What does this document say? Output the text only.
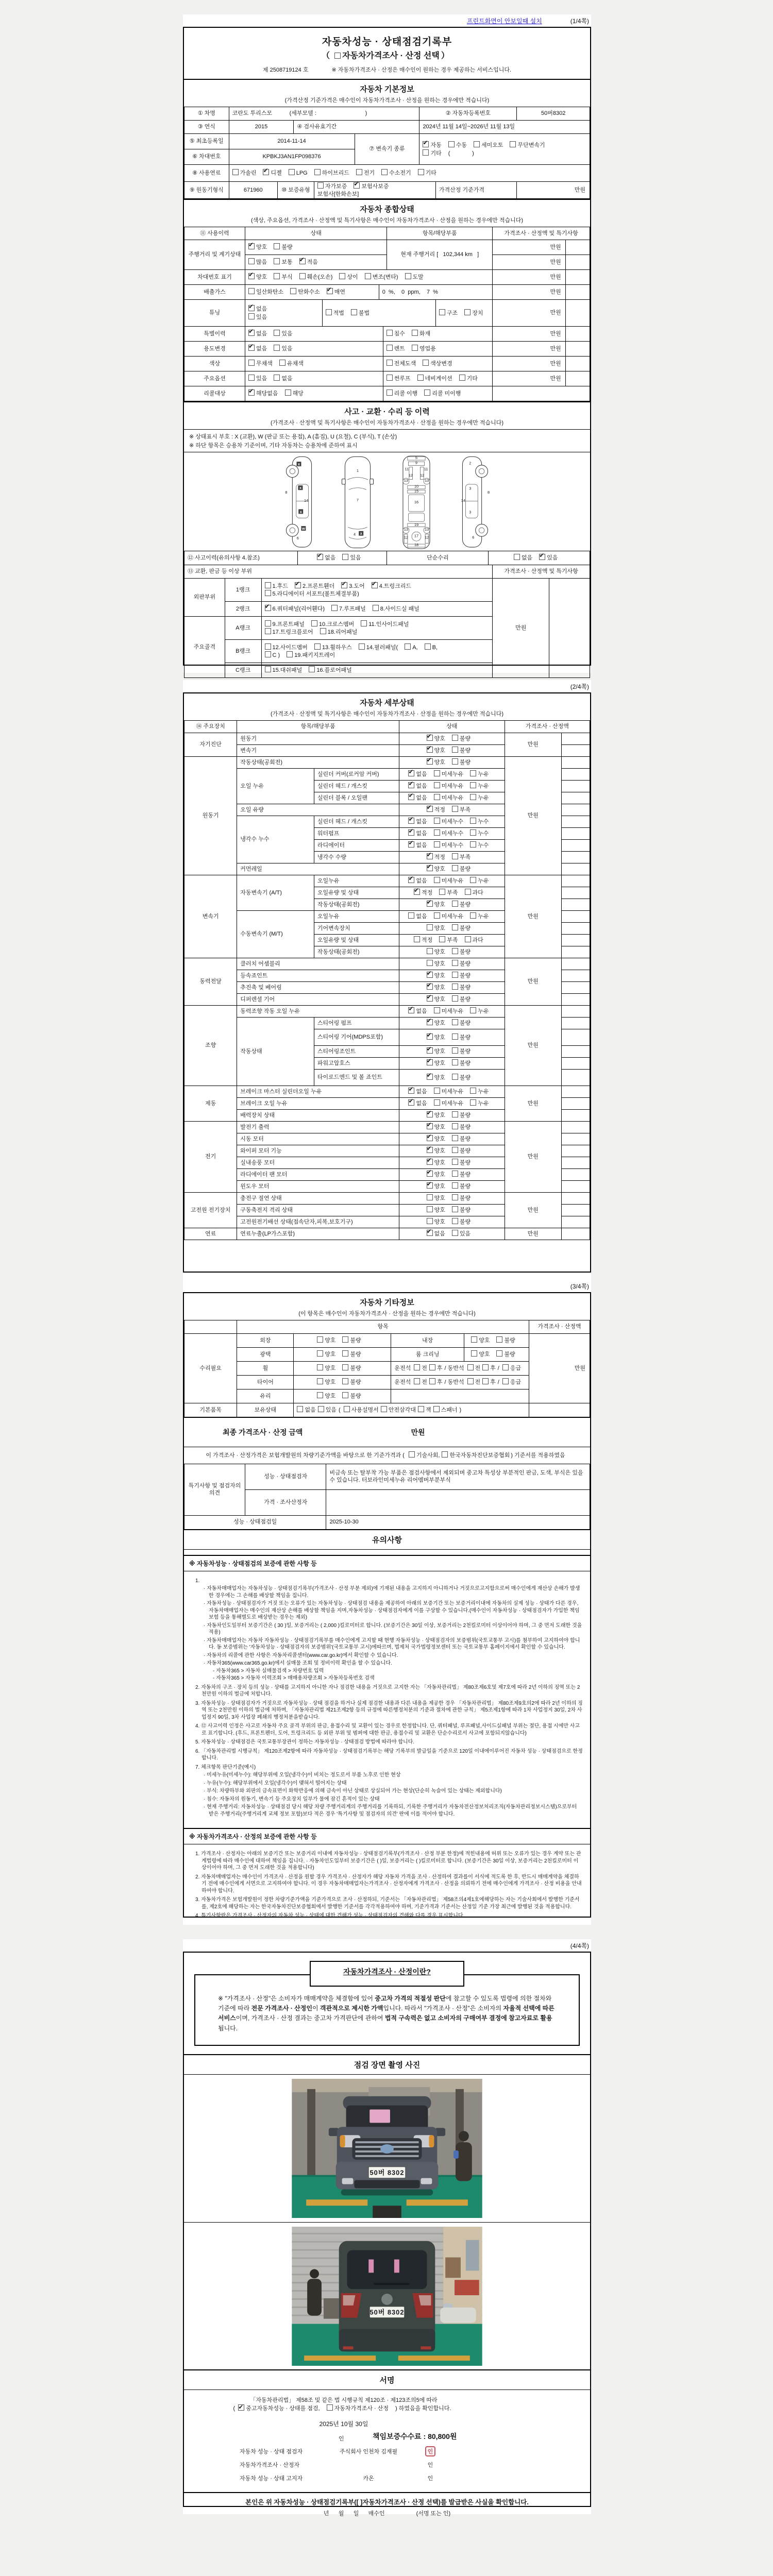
프린트화면이 안보일때 설치	(1/4쪽)
자동차성능 · 상태점검기록부
（자동차가격조사 · 산정 선택）
제 2508719124 호	※ 자동차가격조사 · 산정은 매수인이 원하는 경우 제공하는 서비스입니다.
자동차 기본정보
(가격산정 기준가격은 매수인이 자동차가격조사 · 산정을 원하는 경우에만 적습니다)
① 차명	코란도 투리스모           (세부모델 :                               )	② 자동차등록번호	50버8302
③ 연식	2015	④ 검사유효기간	2024년 11월 14일~2026년 11월 13일
⑤ 최초등록일	2014-11-14	⑦ 변속기 종류	✔자동 수동 세미오토 무단변속기
기타 (              )
⑥ 차대번호	KPBKJ3AN1FP098376		
⑧ 사용연료	가솔린 ✔	디젤	LPG	하이브리드	전기	수소전기	기타
⑨ 원동기형식	671960	⑩ 보증유형	자가보증 ✔	보험사보증보험사[한화손보]	가격산정 기준가격	만원
자동차 종합상태
(색상, 주요옵션, 가격조사 · 산정액 및 특기사항은 매수인이 자동차가격조사 · 산정을 원하는 경우에만 적습니다)
⑪ 사용이력	상태	항목/해당부품	가격조사 · 산정액 및 특기사항
주행거리 및 계기상태	✔양호 불량	현재 주행거리 [   102,344 km   ]	만원	
	많음 보통 ✔ 적음		만원	
차대번호 표기	✔양호	부식	훼손(오손)	상이	변조(변타)	도말	만원	
배출가스	일산화탄소	탄화수소 ✔	매연	0  %,    0  ppm,    7  %	만원	
튜닝	✔없음
있음	적법	불법	구조	장치	만원	
특별이력	✔없음	있음	침수	화재	만원	
용도변경	✔없음	있음	렌트	영업용	만원	
색상	무채색	유채색	전체도색	색상변경	만원	
주요옵션	있음	없음	썬루프	네비게이션	기타	만원	
리콜대상	✔해당없음	해당	리콜 이행	리콜 미이행	
사고 · 교환 · 수리 등 이력
(가격조사 · 산정액 및 특기사항은 매수인이 자동차가격조사 · 산정을 원하는 경우에만 적습니다)
※ 상태표시 부호 : X (교환), W (판금 또는 용접), A (흠집), U (요철), C (부식), T (손상)
※ 하단 항목은 승용차 기준이며, 기타 자동차는 승용차에 준하여 표시
8
14
6
X
X
X
W
1
7
4 X
5
9
11	11
12 12
13	13
10
15
16
19
13	13
17
12	12
18
2
3
8
14
3
6
⑫ 사고이력(유의사항 4.참조)	✔없음	있음	단순수리	없음 ✔	있음
⑬ 교환, 판금 등 이상 부위	가격조사 · 산정액 및 특기사항
외판부위	1랭크	1.후드 ✔ 2.프론트휀더 ✔ 3.도어 ✔ 4.트렁크리드
5.라디에이터 서포트(볼트체결부품)	만원	
	2랭크	✔6.쿼터패널(리어휀다) 7.루프패널 8.사이드실 패널
주요골격	A랭크	9.프론트패널 10.크로스멤버 11.인사이드패널
17.트렁크플로어 18.리어패널		
	B랭크	12.사이드멤버 13.휠하우스 14.필러패널( A, B,
C ) 19.패키지트레이		
	C랭크	15.대쉬패널 16.플로어패널		
(2/4쪽)
자동차 세부상태
(가격조사 · 산정액 및 특기사항은 매수인이 자동차가격조사 · 산정을 원하는 경우에만 적습니다)
⑭ 주요장치	항목/해당부품		상태	가격조사 · 산정액	
자기진단	원동기	✔양호 불량	만원	
	변속기	✔양호 불량	
원동기	작동상태(공회전)	✔양호 불량	만원	
	오일 누유	실린더 커버(로커암 커버)	✔없음 미세누유 누유	
		실린더 헤드 / 개스킷	✔없음 미세누유 누유	
		실린더 블록 / 오일팬	✔없음 미세누유 누유	
	오일 유량	✔적정 부족	
	냉각수 누수	실린더 헤드 / 개스킷	✔없음 미세누수 누수	
		워터펌프	✔없음 미세누수 누수	
		라디에이터	✔없음 미세누수 누수	
		냉각수 수량	✔적정 부족	
	커먼레일	✔양호 불량	
변속기	자동변속기 (A/T)	오일누유	✔없음 미세누유 누유	만원	
		오일유량 및 상태	✔적정 부족 과다	
		작동상태(공회전)	✔양호 불량	
	수동변속기 (M/T)	오일누유	없음 미세누유 누유		
		기어변속장치	양호 불량		
		오일유량 및 상태	적정 부족 과다		
		작동상태(공회전)	양호 불량		
동력전달	클러치 어셈블리		양호 불량	만원	
	등속죠인트	✔양호 불량	
	추진축 및 베어링	✔양호 불량	
	디퍼렌셜 기어	✔양호 불량	
조향	동력조향 작동 오일 누유	✔없음 미세누유 누유	만원	
	작동상태	스티어링 펌프	✔양호 불량	
		스티어링 기어(MDPS포함)	✔양호 불량	
		스티어링조인트	✔양호 불량	
		파워고압호스	✔양호 불량	
		타이로드엔드 및 볼 죠인트	✔양호 불량	
제동	브레이크 마스터 실린더오일 누유	✔없음 미세누유 누유	만원	
	브레이크 오일 누유	✔없음 미세누유 누유	
	배력장치 상태	✔양호 불량	
전기	발전기 출력	✔양호 불량	만원	
	시동 모터	✔양호 불량	
	와이퍼 모터 기능	✔양호 불량	
	실내송풍 모터	✔양호 불량	
	라디에이터 팬 모터	✔양호 불량	
	윈도우 모터	✔양호 불량	
고전원 전기장치	충전구 절연 상태		양호 불량	만원	
	구동축전지 격리 상태		양호 불량		
	고전원전기배선 상태(접속단자,피복,보호기구)		양호 불량		
연료	연료누출(LP가스포함)	✔없음 있음	만원	
(3/4쪽)
자동차 기타정보
(이 항목은 매수인이 자동차가격조사 · 산정을 원하는 경우에만 적습니다)
	항목				가격조사 · 산정액
수리필요	외장	양호 불량	내장	양호 불량	만원
	광택	양호 불량	룸 크리닝	양호 불량	
	휠	양호 불량	운전석 전 후 / 동반석 전 후 / 응급		
	타이어	양호 불량	운전석 전 후 / 동반석 전 후 / 응급		
	유리	양호 불량			
기본품목	보유상태	없음 있음 ( 사용설명서 안전삼각대 잭 스패너 )			
최종 가격조사 · 산정 금액	만원
이 가격조사 · 산정가격은 보험개발원의 차량기준가액을 바탕으로 한 기준가격과 ( 기술사회, 한국자동차진단보증협회 ) 기준서를 적용하였음
특기사항 및 점검자의 의견	성능 · 상태점검자	비금속 또는 탈부착 가능 부품은 점검사항에서 제외되며 중고차 특성상 부분적인 판금, 도색, 부식은 있을 수 있습니다. 터보라인미세누유 리어멤버부분부식
	가격 · 조사산정자	
성능 · 상태점검일		2025-10-30
유의사항
※ 자동차성능 · 상태점검의 보증에 관한 사항 등
1.
· 자동차매매업자는 자동차성능 · 상태점검기록부(가격조사 · 산정 부분 제외)에 기재된 내용을 고지하지 아니하거나 거짓으로고지함으로써 매수인에게 재산상 손해가 발생한 경우에는 그 손해를 배상할 책임을 집니다.
· 자동차성능 · 상태점검자가 거짓 또는 오류가 있는 자동차성능 · 상태점검 내용을 제공하여 아래의 보증기간 또는 보증거리이내에 자동차의 실제 성능 · 상태가 다른 경우, 자동차매매업자는 매수인의 재산상 손해를 배상할 책임을 지며,자동차성능 · 상태점검자에게 이를 구상할 수 있습니다.(매수인이 자동차성능 · 상태점검자가 가입한 책임보험 등을 통해별도로 배상받는 경우는 제외)
· 자동차인도일부터 보증기간은 ( 30 )일, 보증거리는 ( 2,000 )킬로미터로 합니다. (보증기간은 30일 이상, 보증거리는 2천킬로미터 이상이어야 하며, 그 중 먼저 도래한 것을 적용)
· 자동차매매업자는 자동차 자동차성능 · 상태점검기록부를 매수인에게 고지할 때 현행 자동차성능 · 상태점검자의 보증범위(국토교통부 고시)를 첨부하여 고지하여야 합니다. 동 보증범위는 '자동차성능 · 상태점검자의 보증범위'(국토교통부 고시)에따르며, 법제처 국가법령정보센터 또는 국토교통부 홈페이지에서 확인할 수 있습니다.
· 자동차의 리콜에 관한 사항은 자동차리콜센터(www.car.go.kr)에서 확인할 수 있습니다.
· 자동차365(www.car365.go.kr)에서 실매물 조회 및 정비이력 확인을 할 수 있습니다.
- 자동차365 > 자동차 실매물검색 > 차량번호 입력
- 자동차365 > 자동차 이력조회 > 매매용차량조회 > 자동차등록번호 검색
2. 자동차의 구조 · 장치 등의 성능 · 상태를 고지하지 아니한 자나 점검한 내용을 거짓으로 고지한 자는 「자동차관리법」 제80조제6호및 제7호에 따라 2년 이하의 징역 또는 2천만원 이하의 벌금에 처합니다.
3. 자동차성능 · 상태점검자가 거짓으로 자동차성능 · 상태 점검을 하거나 실제 점검한 내용과 다른 내용을 제공한 경우 「자동차관리법」 제80조제9호의2에 따라 2년 이하의 징역 또는 2천만원 이하의 벌금에 처하며, 「자동차관리법 제21조제2항 등의 규정에 따른행정처분의 기준과 절차에 관한 규칙」 제5조제1항에 따라 1차 사업정지 30일, 2차 사업정지 90일, 3차 사업장 폐쇄의 행정처분을받습니다.
4. ⑫ 사고이력 인정은 사고로 자동차 주요 골격 부위의 판금, 용접수리 및 교환이 있는 경우로 한정합니다. 단, 쿼터패널, 루프패널,사이드실패널 부위는 절단, 용접 시에만 사고로 표기합니다. (후드, 프론트펜더, 도어, 트렁크리드 등 외판 부위 및 범퍼에 대한 판금, 용접수리 및 교환은 단순수리로서 사고에 포함되지않습니다)
5. 자동차성능 · 상태점검은 국토교통부장관이 정하는 자동차성능 · 상태점검 방법에 따라야 합니다.
6. 「자동차관리법 시행규칙」 제120조제2항에 따라 자동차성능 · 상태점검기록부는 해당 기록부의 발급일을 기준으로 120일 이내에이루어진 자동차 성능 · 상태점검으로 한정합니다.
7. 체크항목 판단기준(예시)
· 미세누유(미세누수): 해당부위에 오일(냉각수)이 비치는 정도로서 부품 노후로 인한 현상
· 누유(누수): 해당부위에서 오일(냉각수)이 맺혀서 떨어지는 상태
· 부식: 차량하부와 외판의 금속표면이 화학반응에 의해 금속이 아닌 상태로 상실되어 가는 현상(단순히 녹슬어 있는 상태는 제외합니다)
· 침수: 자동차의 원동기, 변속기 등 주요장치 일부가 물에 잠긴 흔적이 있는 상태
· 현재 주행거리: 자동차성능 · 상태점검 당시 해당 차량 주행거리계의 주행거리를 기록하되, 기록한 주행거리가 자동차전산정보처리조직(자동차관리정보시스템)으로부터 받은 주행거리(주행거리계 교체 정보 포함)보다 적은 경우 '특기사항 및 점검자의 의견' 란에 이를 적어야 합니다.
※ 자동차가격조사 · 산정의 보증에 관한 사항 등
1. 가격조사 · 산정자는 아래의 보증기간 또는 보증거리 이내에 자동차성능 · 상태점검기록부(가격조사 · 산정 부분 한정)에 적힌내용에 허위 또는 오류가 있는 경우 계약 또는 관계법령에 따라 매수인에 대하여 책임을 집니다. · 자동차인도일부터 보증기간은 ( )일, 보증거리는 ( )킬로미터로 합니다. (보증기간은 30일 이상, 보증거리는 2천킬로미터 이상이어야 하며, 그 중 먼저 도래한 것을 적용합니다)
2. 자동차매매업자는 매수인이 가격조사 · 산정을 원할 경우 가격조사 · 산정자가 해당 자동차 가격을 조사 · 산정하여 결과를이 서식에 적도록 한 후, 반드시 매매계약을 체결하기 전에 매수인에게 서면으로 고지하여야 합니다. 이 경우 자동차매매업자는가격조사 · 산정자에게 가격조사 · 산정을 의뢰하기 전에 매수인에게 가격조사 · 산정 비용을 안내하여야 합니다.
3. 자동차가격은 보험개발원이 정한 차량기준가액을 기준가격으로 조사 · 산정하되, 기준서는 「자동차관리법」 제58조의4제1호에해당하는 자는 기술사회에서 발행한 기준서를, 제2호에 해당하는 자는 한국자동차진단보증협회에서 발행한 기준서를 각각적용하여야 하며, 기준가격과 기준서는 산정일 기준 가장 최근에 발행된 것을 적용합니다.
4. 특기사항란은 가격조사 · 산정자의 자동차 성능 · 상태에 대한 견해가 성능 · 상태점검자의 견해와 다를 경우 표시합니다.
(4/4쪽)
※ "가격조사 · 산정"은 소비자가 매매계약을 체결함에 있어 중고차 가격의 적절성 판단에 참고할 수 있도록 법령에 의한 절차와 기준에 따라 전문 가격조사 · 산정인이 객관적으로 제시한 가액입니다. 따라서 "가격조사 · 산정"은 소비자의 자율적 선택에 따른 서비스이며, 가격조사 · 산정 결과는 중고차 가격판단에 관하여 법적 구속력은 없고 소비자의 구매여부 결정에 참고자료로 활용됩니다.
자동차가격조사 · 산정이란?
점검 장면 촬영 사진
50버 8302
50버 8302
서명
「자동차관리법」 제58조 및 같은 법 시행규칙 제120조 · 제123조의5에 따라
(✔중고자동차성능 · 상태를 점검,	자동차가격조사 · 산정) 하였음을 확인합니다.
2025년 10월 30일
인	책임보증수수료 : 80,800원
자동차 성능 · 상태 점검자	주식회사 인천차 김재필	인
자동차가격조사 · 산정자	인
자동차 성능 · 상태 고지자	카온	인
본인은 위 자동차성능 · 상태점검기록부([ ]자동차가격조사 · 산정 선택)를 발급받은 사실을 확인합니다.
년      월      일      매수인                    (서명 또는 인)
